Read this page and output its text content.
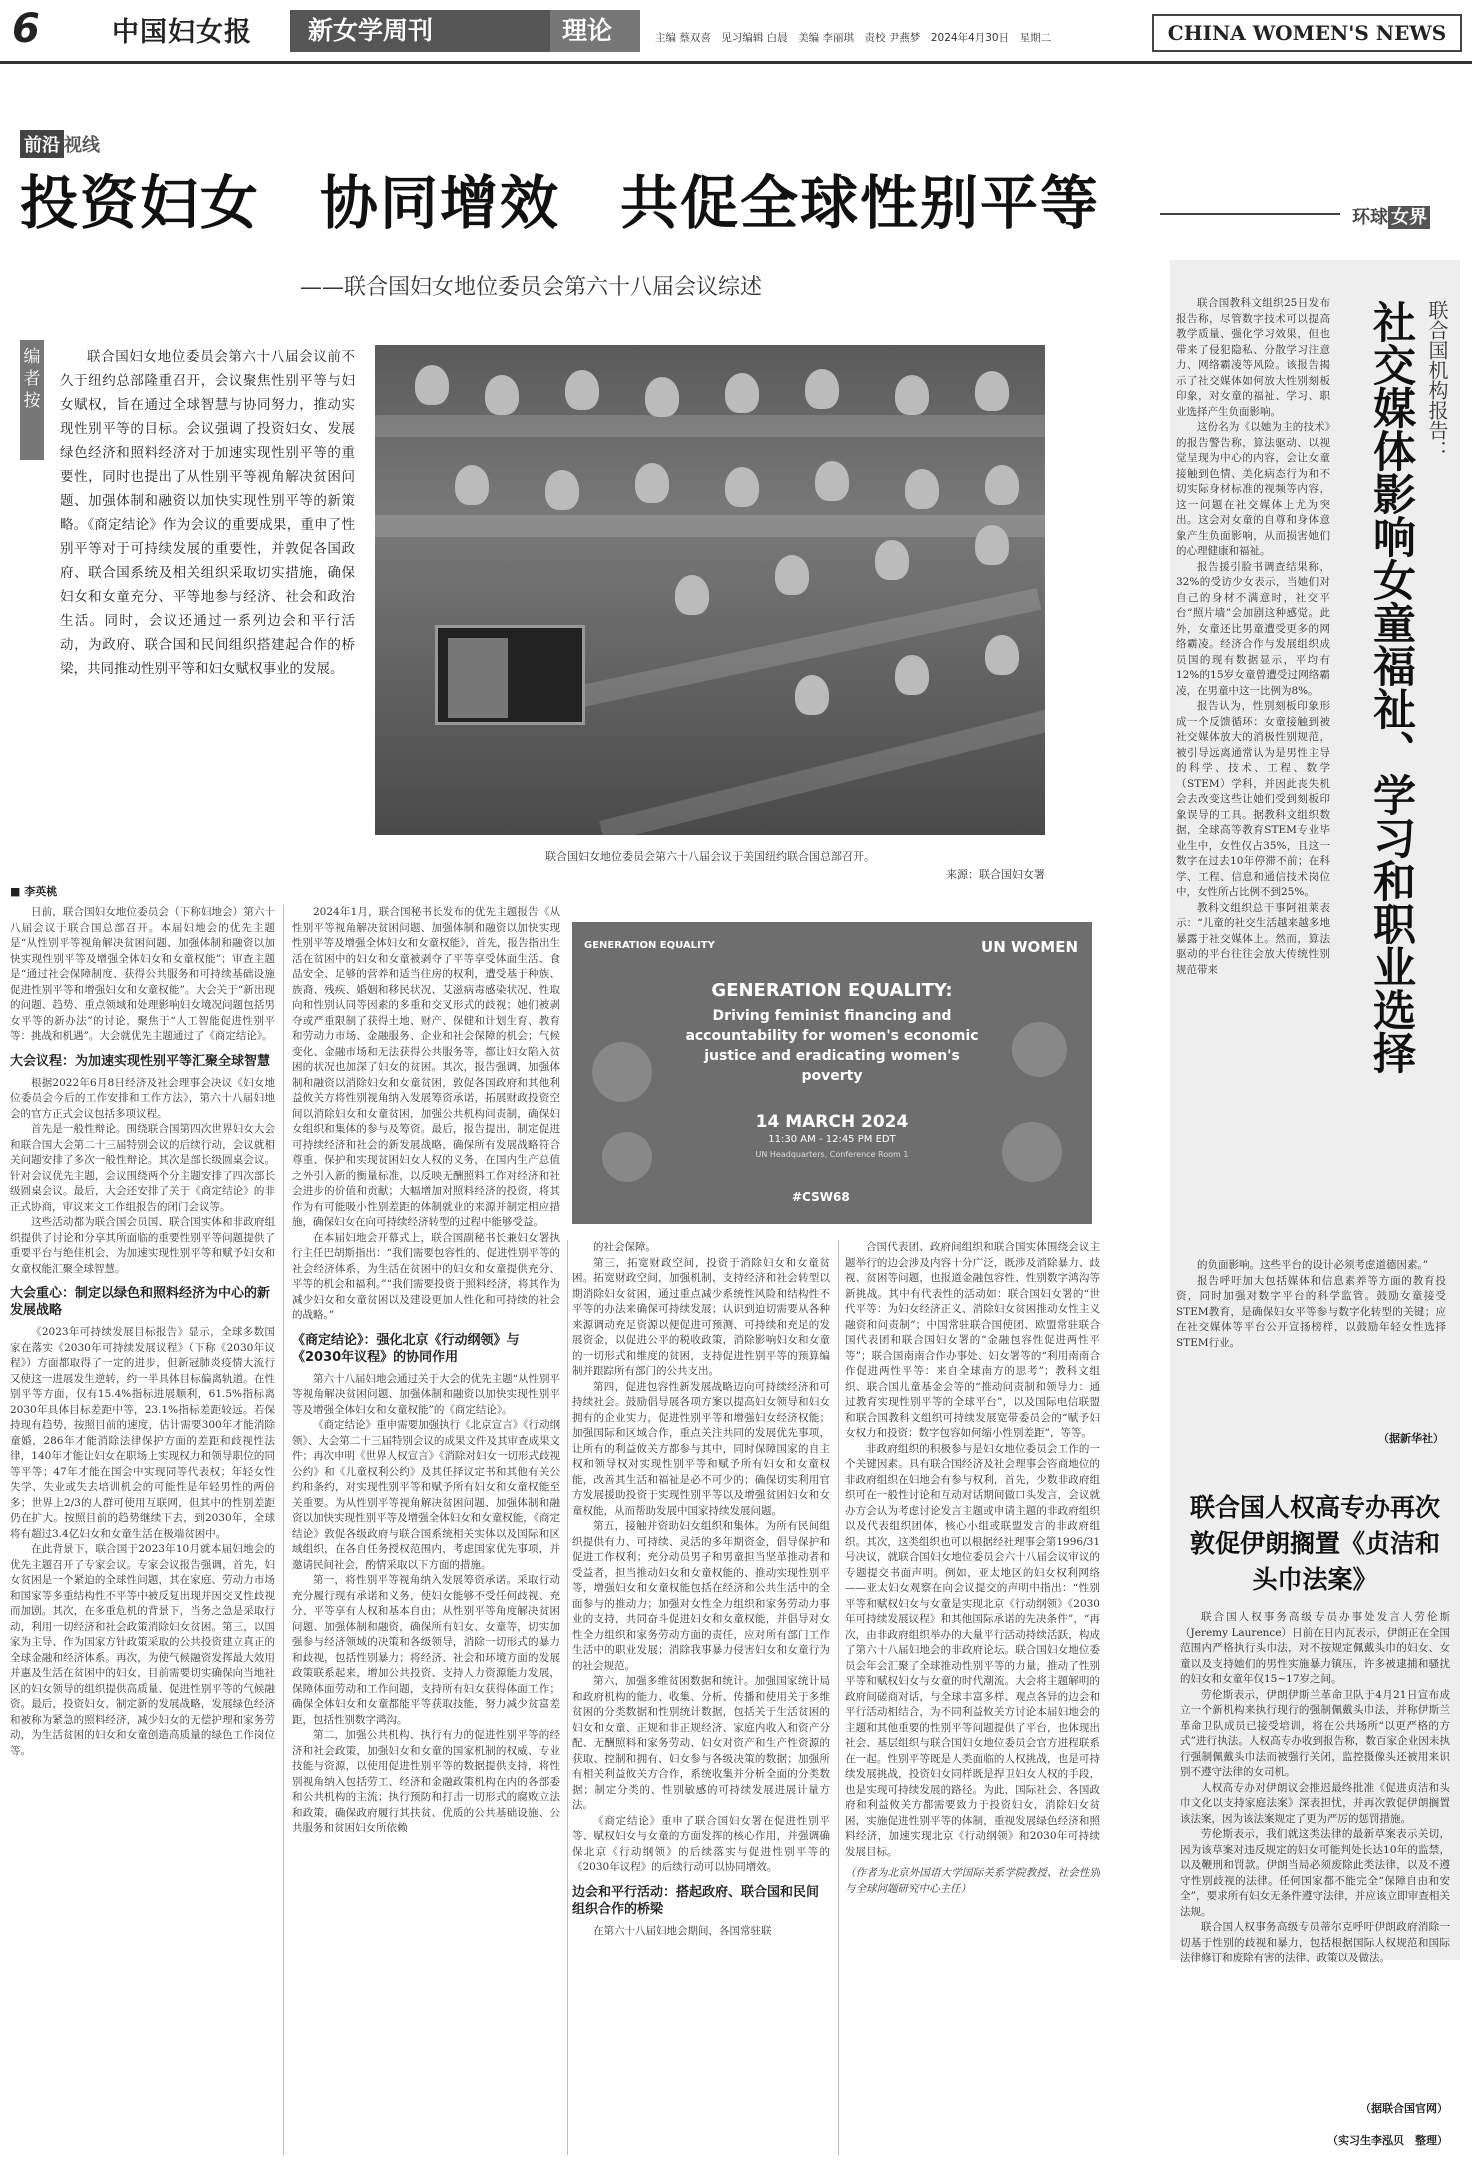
6	中国妇女报	新女学周刊	理论	主编 蔡双喜　见习编辑 白晨　美编 李丽琪　责校 尹燕梦　2024年4月30日　星期二	CHINA WOMEN'S NEWS
前沿 视线
投资妇女　协同增效　共促全球性别平等
——联合国妇女地位委员会第六十八届会议综述
编者按
联合国妇女地位委员会第六十八届会议前不久于纽约总部隆重召开，会议聚焦性别平等与妇女赋权，旨在通过全球智慧与协同努力，推动实现性别平等的目标。会议强调了投资妇女、发展绿色经济和照料经济对于加速实现性别平等的重要性，同时也提出了从性别平等视角解决贫困问题、加强体制和融资以加快实现性别平等的新策略。《商定结论》作为会议的重要成果，重申了性别平等对于可持续发展的重要性，并敦促各国政府、联合国系统及相关组织采取切实措施，确保妇女和女童充分、平等地参与经济、社会和政治生活。同时，会议还通过一系列边会和平行活动，为政府、联合国和民间组织搭建起合作的桥梁，共同推动性别平等和妇女赋权事业的发展。
联合国妇女地位委员会第六十八届会议于美国纽约联合国总部召开。
来源：联合国妇女署
■ 李英桃

日前，联合国妇女地位委员会（下称妇地会）第六十八届会议于联合国总部召开。本届妇地会的优先主题是“从性别平等视角解决贫困问题、加强体制和融资以加快实现性别平等及增强全体妇女和女童权能”；审查主题是“通过社会保障制度、获得公共服务和可持续基础设施促进性别平等和增强妇女和女童权能”。大会关于“新出现的问题、趋势、重点领域和处理影响妇女境况问题包括男女平等的新办法”的讨论，聚焦于“人工智能促进性别平等：挑战和机遇”。大会就优先主题通过了《商定结论》。

大会议程：为加速实现性别平等汇聚全球智慧

根据2022年6月8日经济及社会理事会决议《妇女地位委员会今后的工作安排和工作方法》，第六十八届妇地会的官方正式会议包括多项议程。

首先是一般性辩论。围绕联合国第四次世界妇女大会和联合国大会第二十三届特别会议的后续行动，会议就相关问题安排了多次一般性辩论。其次是部长级圆桌会议。针对会议优先主题，会议围绕两个分主题安排了四次部长级圆桌会议。最后，大会还安排了关于《商定结论》的非正式协商，审议来文工作组报告的闭门会议等。

这些活动都为联合国会员国、联合国实体和非政府组织提供了讨论和分享其所面临的重要性别平等问题提供了重要平台与绝佳机会，为加速实现性别平等和赋予妇女和女童权能汇聚全球智慧。

大会重心：制定以绿色和照料经济为中心的新发展战略

《2023年可持续发展目标报告》显示，全球多数国家在落实《2030年可持续发展议程》（下称《2030年议程》）方面都取得了一定的进步，但新冠肺炎疫情大流行又使这一进展发生逆转，约一半具体目标偏离轨道。在性别平等方面，仅有15.4%指标进展顺利，61.5%指标离2030年具体目标差距中等，23.1%指标差距较远。若保持现有趋势，按照目前的速度，估计需要300年才能消除童婚，286年才能消除法律保护方面的差距和歧视性法律，140年才能让妇女在职场上实现权力和领导职位的同等平等；47年才能在国会中实现同等代表权；年轻女性失学、失业或失去培训机会的可能性是年轻男性的两倍多；世界上2/3的人群可使用互联网，但其中的性别差距仍在扩大。按照目前的趋势继续下去，到2030年，全球将有超过3.4亿妇女和女童生活在极端贫困中。

在此背景下，联合国于2023年10月就本届妇地会的优先主题召开了专家会议。专家会议报告强调，首先，妇女贫困是一个紧迫的全球性问题，其在家庭、劳动力市场和国家等多重结构性不平等中被反复出现并因交叉性歧视而加剧。其次，在多重危机的背景下，当务之急是采取行动，利用一切经济和社会政策消除妇女贫困。第三，以国家为主导、作为国家方针政策采取的公共投资建立真正的全球金融和经济体系。再次，为使气候融资发挥最大效用并惠及生活在贫困中的妇女，目前需要切实确保向当地社区的妇女领导的组织提供高质量、促进性别平等的气候融资。最后，投资妇女，制定新的发展战略，发展绿色经济和被称为紧急的照料经济，减少妇女的无偿护理和家务劳动，为生活贫困的妇女和女童创造高质量的绿色工作岗位等。

2024年1月，联合国秘书长发布的优先主题报告《从性别平等视角解决贫困问题、加强体制和融资以加快实现性别平等及增强全体妇女和女童权能》，首先，报告指出生活在贫困中的妇女和女童被剥夺了平等享受体面生活、食品安全、足够的营养和适当住房的权利，遭受基于种族、族裔、残疾、婚姻和移民状况、艾滋病毒感染状况、性取向和性别认同等因素的多重和交叉形式的歧视；她们被剥夺或严重限制了获得土地、财产、保健和计划生育、教育和劳动力市场、金融服务、企业和社会保障的机会；气候变化、金融市场和无法获得公共服务等，都让妇女陷入贫困的状况也加深了妇女的贫困。其次，报告强调，加强体制和融资以消除妇女和女童贫困，敦促各国政府和其他利益攸关方将性别视角纳入发展筹资承诺，拓展财政投资空间以消除妇女和女童贫困，加强公共机构问责制，确保妇女组织和集体的参与及筹资。最后，报告提出，制定促进可持续经济和社会的新发展战略，确保所有发展战略符合尊重、保护和实现贫困妇女人权的义务，在国内生产总值之外引入新的衡量标准，以反映无酬照料工作对经济和社会进步的价值和贡献；大幅增加对照料经济的投资，将其作为有可能吸小性别差距的体制就业的来源并制定相应措施，确保妇女在向可持续经济转型的过程中能够受益。

在本届妇地会开幕式上，联合国副秘书长兼妇女署执行主任巴胡斯指出：“我们需要包容性的、促进性别平等的社会经济体系，为生活在贫困中的妇女和女童提供充分、平等的机会和福利。”“我们需要投资于照料经济，将其作为减少妇女和女童贫困以及建设更加人性化和可持续的社会的战略。”

《商定结论》：强化北京《行动纲领》与《2030年议程》的协同作用

第六十八届妇地会通过关于大会的优先主题“从性别平等视角解决贫困问题、加强体制和融资以加快实现性别平等及增强全体妇女和女童权能”的《商定结论》。

《商定结论》重申需要加强执行《北京宣言》《行动纲领》、大会第二十三届特别会议的成果文件及其审查成果文件；再次申明《世界人权宣言》《消除对妇女一切形式歧视公约》和《儿童权利公约》及其任择议定书和其他有关公约和条约，对实现性别平等和赋予所有妇女和女童权能至关重要。为从性别平等视角解决贫困问题、加强体制和融资以加快实现性别平等及增强全体妇女和女童权能，《商定结论》敦促各级政府与联合国系统相关实体以及国际和区域组织，在各自任务授权范围内，考虑国家优先事项，并邀请民间社会，酌情采取以下方面的措施。

第一，将性别平等视角纳入发展筹资承诺。采取行动充分履行现有承诺和义务，使妇女能够不受任何歧视、充分、平等享有人权和基本自由；从性别平等角度解决贫困问题、加强体制和融资，确保所有妇女、女童等，切实加强参与经济领域的决策和各级领导，消除一切形式的暴力和歧视，包括性别暴力；将经济、社会和环境方面的发展政策联系起来，增加公共投资、支持人力资源能力发展，保障体面劳动和工作问题，支持所有妇女获得体面工作；确保全体妇女和女童都能平等获取技能，努力减少贫富差距，包括性别数字鸿沟。

第二，加强公共机构、执行有力的促进性别平等的经济和社会政策，加强妇女和女童的国家机制的权威、专业技能与资源，以使用促进性别平等的数据提供支持，将性别视角纳入包括劳工、经济和金融政策机构在内的各部委和公共机构的主流；执行预防和打击一切形式的腐败立法和政策，确保政府履行其扶贫、优质的公共基础设施、公共服务和贫困妇女所依赖

的社会保障。

第三，拓宽财政空间，投资于消除妇女和女童贫困。拓宽财政空间，加强机制、支持经济和社会转型以期消除妇女贫困，通过重点减少系统性风险和结构性不平等的办法来确保可持续发展；认识到迫切需要从各种来源调动充足资源以便促进可预测、可持续和充足的发展资金，以促进公平的税收政策，消除影响妇女和女童的一切形式和维度的贫困，支持促进性别平等的预算编制并跟踪所有部门的公共支出。

第四，促进包容性新发展战略迈向可持续经济和可持续社会。鼓励倡导展各项方案以提高妇女领导和妇女拥有的企业实力，促进性别平等和增强妇女经济权能；加强国际和区域合作，重点关注共同的发展优先事项，让所有的利益攸关方都参与其中，同时保障国家的自主权和领导权对实现性别平等和赋予所有妇女和女童权能，改善其生活和福祉是必不可少的；确保切实利用官方发展援助投资于实现性别平等以及增强贫困妇女和女童权能，从而帮助发展中国家持续发展问题。

第五，接触并资助妇女组织和集体。为所有民间组织提供有力、可持续、灵活的多年期资金，倡导保护和促进工作权利；充分动员男子和男童担当坚革推动者和受益者，担当推动妇女和女童权能的、推动实现性别平等，增强妇女和女童权能包括在经济和公共生活中的全面参与的推动力；加强对女性全力组织和家务劳动力事业的支持，共同奋斗促进妇女和女童权能，并倡导对女性全力组织和家务劳动方面的责任，应对所有部门工作生活中的职业发展；消除我事暴力侵害妇女和女童行为的社会规范。

第六，加强多维贫困数据和统计。加强国家统计局和政府机构的能力、收集、分析、传播和使用关于多维贫困的分类数据和性别统计数据，包括关于生活贫困的妇女和女童、正规和非正规经济、家庭内收入和资产分配、无酬照料和家务劳动、妇女对资产和生产性资源的获取、控制和拥有、妇女参与各级决策的数据；加强所有相关利益攸关方合作，系统收集并分析全面的分类数据；制定分类的、性别敏感的可持续发展进展计量方法。

《商定结论》重申了联合国妇女署在促进性别平等、赋权妇女与女童的方面发挥的核心作用，并强调确保北京《行动纲领》的后续落实与促进性别平等的《2030年议程》的后续行动可以协同增效。

边会和平行活动：搭起政府、联合国和民间组织合作的桥梁

在第六十八届妇地会期间，各国常驻联

合国代表团、政府间组织和联合国实体围绕会议主题举行的边会涉及内容十分广泛，既涉及消除暴力、歧视、贫困等问题，也报道金融包容性、性别数字鸿沟等新挑战。其中有代表性的活动如：联合国妇女署的“世代平等：为妇女经济正义、消除妇女贫困推动女性主义融资和问责制”；中国常驻联合国使团、欧盟常驻联合国代表团和联合国妇女署的“金融包容性促进两性平等”；联合国南南合作办事处、妇女署等的“利用南南合作促进两性平等：来自全球南方的思考”；教科文组织、联合国儿童基金会等的“推动问责制和领导力：通过教育实现性别平等的全球平台”，以及国际电信联盟和联合国教科文组织可持续发展宽带委员会的“赋予妇女权力和投资：数字包容如何缩小性别差距”，等等。

非政府组织的积极参与是妇女地位委员会工作的一个关键因素。具有联合国经济及社会理事会咨商地位的非政府组织在妇地会有参与权利，首先，少数非政府组织可在一般性讨论和互动对话期间做口头发言，会议就办方会认为考虑讨论发言主题或申请主题的非政府组织以及代表组织团体，核心小组或联盟发言的非政府组织。其次，这类组织也可以根据经社理事会第1996/31号决议，就联合国妇女地位委员会六十八届会议审议的专题提交书面声明。例如，亚太地区的妇女权利网络——亚太妇女观察在向会议提交的声明中指出：“性别平等和赋权妇女与女童是实现北京《行动纲领》《2030年可持续发展议程》和其他国际承诺的先决条件”，“再次，由非政府组织举办的大量平行活动持续活跃，构成了第六十八届妇地会的非政府论坛。联合国妇女地位委员会年会汇聚了全球推动性别平等的力量，推动了性别平等和赋权妇女与女童的时代潮流。大会将主题解明的政府间磋商对话，与全球丰富多样、观点各异的边会和平行活动相结合，为不同利益攸关方讨论本届妇地会的主题和其他重要的性别平等问题提供了平台，也体现出社会、基层组织与联合国妇女地位委员会官方进程联系在一起。性别平等既是人类面临的人权挑战，也是可持续发展挑战，投资妇女同样既是捍卫妇女人权的手段，也是实现可持续发展的路径。为此，国际社会、各国政府和利益攸关方都需要致力于投资妇女，消除妇女贫困，实施促进性别平等的体制，重视发展绿色经济和照料经济，加速实现北京《行动纲领》和2030年可持续发展目标。

（作者为北京外国语大学国际关系学院教授、社会性别与全球问题研究中心主任）

GENERATION EQUALITY	UN WOMEN
GENERATION EQUALITY:
Driving feminist financing and accountability for women's economic justice and eradicating women's poverty
14 MARCH 2024
11:30 AM - 12:45 PM EDT
UN Headquarters, Conference Room 1
#CSW68
环球 女界
联合国机构报告：
社交媒体影响女童福祉、学习和职业选择

联合国教科文组织25日发布报告称，尽管数字技术可以提高教学质量、强化学习效果，但也带来了侵犯隐私、分散学习注意力、网络霸凌等风险。该报告揭示了社交媒体如何放大性别刻板印象，对女童的福祉、学习、职业选择产生负面影响。

这份名为《以她为主的技术》的报告警告称，算法驱动、以视觉呈现为中心的内容，会让女童接触到色情、美化病态行为和不切实际身材标准的视频等内容，这一问题在社交媒体上尤为突出。这会对女童的自尊和身体意象产生负面影响，从而损害她们的心理健康和福祉。

报告援引脸书调查结果称，32%的受访少女表示，当她们对自己的身材不满意时，社交平台“照片墙”会加剧这种感觉。此外，女童还比男童遭受更多的网络霸凌。经济合作与发展组织成员国的现有数据显示，平均有12%的15岁女童曾遭受过网络霸凌，在男童中这一比例为8%。

报告认为，性别刻板印象形成一个反馈循环：女童接触到被社交媒体放大的消极性别规范，被引导远离通常认为是男性主导的科学、技术、工程、数学（STEM）学科，并因此丧失机会去改变这些让她们受到刻板印象误导的工具。据教科文组织数据，全球高等教育STEM专业毕业生中，女性仅占35%，且这一数字在过去10年停滞不前；在科学、工程、信息和通信技术岗位中，女性所占比例不到25%。

教科文组织总干事阿祖莱表示：“儿童的社交生活越来越多地暴露于社交媒体上。然而，算法驱动的平台往往会放大传统性别规范带来

的负面影响。这些平台的设计必须考虑道德因素。”

报告呼吁加大包括媒体和信息素养等方面的教育投资，同时加强对数字平台的科学监管。鼓励女童接受STEM教育，是确保妇女平等参与数字化转型的关键；应在社交媒体等平台公开宣扬榜样，以鼓励年轻女性选择STEM行业。

（据新华社）
联合国人权高专办再次敦促伊朗搁置《贞洁和头巾法案》

联合国人权事务高级专员办事处发言人劳伦斯（Jeremy Laurence）日前在日内瓦表示，伊朗正在全国范围内严格执行头巾法，对不按规定佩戴头巾的妇女、女童以及支持她们的男性实施暴力镇压，许多被逮捕和骚扰的妇女和女童年仅15~17岁之间。

劳伦斯表示，伊朗伊斯兰革命卫队于4月21日宣布成立一个新机构来执行现行的强制佩戴头巾法，并称伊斯兰革命卫队成员已接受培训，将在公共场所“以更严格的方式”进行执法。人权高专办收到报告称，数百家企业因未执行强制佩戴头巾法而被强行关闭，监控摄像头还被用来识别不遵守法律的女司机。

人权高专办对伊朗议会推迟最终批准《促进贞洁和头巾文化以支持家庭法案》深表担忧，并再次敦促伊朗搁置该法案，因为该法案规定了更为严厉的惩罚措施。

劳伦斯表示，我们就这类法律的最新草案表示关切，因为该草案对违反规定的妇女可能判处长达10年的监禁，以及鞭刑和罚款。伊朗当局必须废除此类法律，以及不遵守性别歧视的法律。任何国家都不能完全“保障自由和安全”，要求所有妇女无条件遵守法律，并应该立即审查相关法规。

联合国人权事务高级专员蒂尔克呼吁伊朗政府消除一切基于性别的歧视和暴力，包括根据国际人权规范和国际法律修订和废除有害的法律、政策以及做法。

（据联合国官网）
（实习生李泓贝　整理）
